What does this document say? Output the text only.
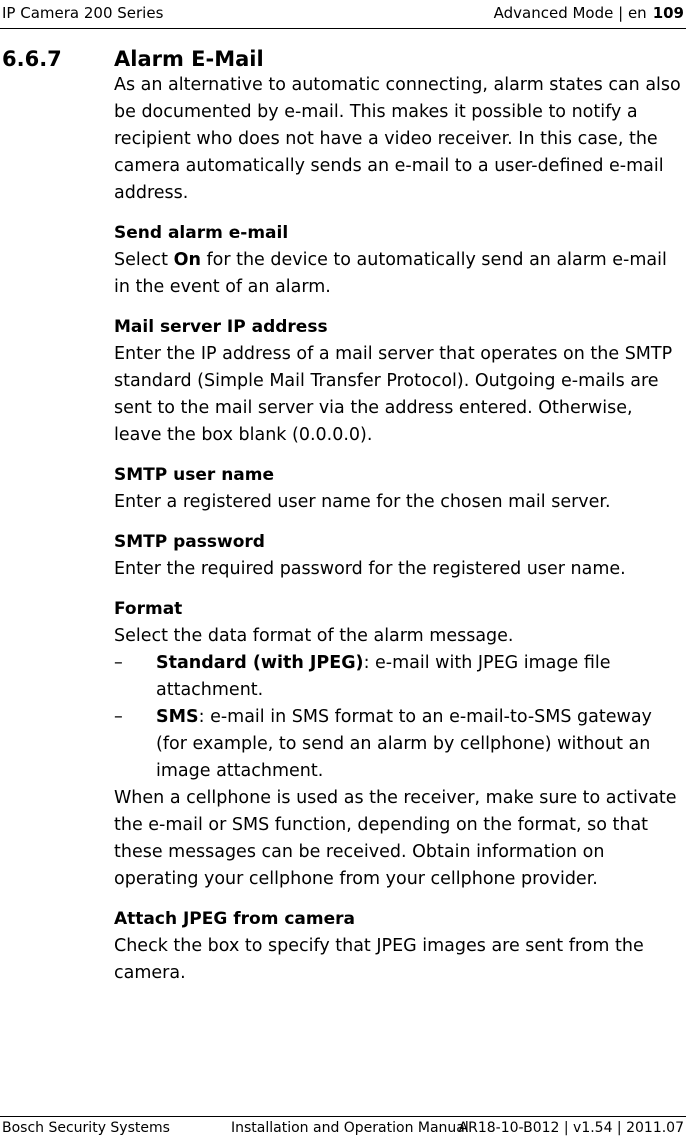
IP Camera 200 Series	Advanced Mode | en 109
6.6.7 Alarm E-Mail

As an alternative to automatic connecting, alarm states can also be documented by e-mail. This makes it possible to notify a recipient who does not have a video receiver. In this case, the camera automatically sends an e-mail to a user-defined e-mail address.

Send alarm e-mail

Select On for the device to automatically send an alarm e-mail in the event of an alarm.

Mail server IP address

Enter the IP address of a mail server that operates on the SMTP standard (Simple Mail Transfer Protocol). Outgoing e-mails are sent to the mail server via the address entered. Otherwise, leave the box blank (0.0.0.0).

SMTP user name

Enter a registered user name for the chosen mail server.

SMTP password

Enter the required password for the registered user name.

Format

Select the data format of the alarm message.

– Standard (with JPEG): e-mail with JPEG image file attachment.
– SMS: e-mail in SMS format to an e-mail-to-SMS gateway (for example, to send an alarm by cellphone) without an image attachment.

When a cellphone is used as the receiver, make sure to activate the e-mail or SMS function, depending on the format, so that these messages can be received. Obtain information on operating your cellphone from your cellphone provider.

Attach JPEG from camera

Check the box to specify that JPEG images are sent from the camera.

Bosch Security Systems	Installation and Operation Manual
AR18-10-B012 | v1.54 | 2011.07
